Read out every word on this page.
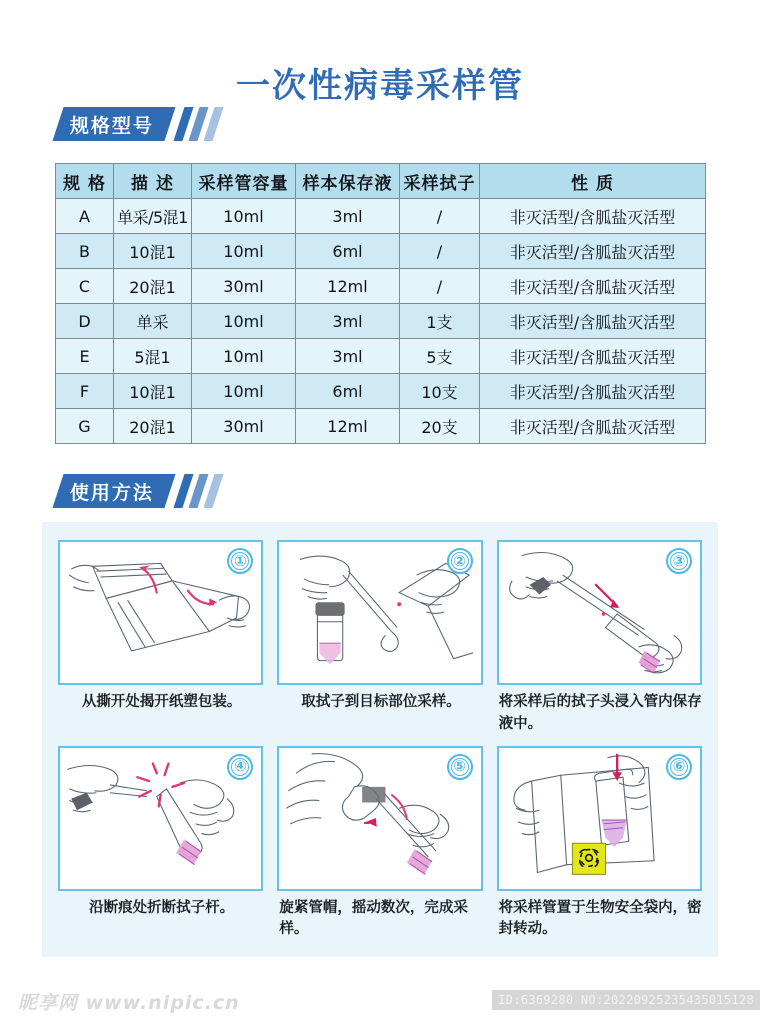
一次性病毒采样管
规格型号
规 格	描 述	采样管容量	样本保存液	采样拭子	性 质
A	单采/5混1	10ml	3ml	/	非灭活型/含胍盐灭活型
B	10混1	10ml	6ml	/	非灭活型/含胍盐灭活型
C	20混1	30ml	12ml	/	非灭活型/含胍盐灭活型
D	单采	10ml	3ml	1支	非灭活型/含胍盐灭活型
E	5混1	10ml	3ml	5支	非灭活型/含胍盐灭活型
F	10混1	10ml	6ml	10支	非灭活型/含胍盐灭活型
G	20混1	30ml	12ml	20支	非灭活型/含胍盐灭活型
使用方法
①
从撕开处揭开纸塑包装。
②
取拭子到目标部位采样。
③
将采样后的拭子头浸入管内保存液中。
④
沿断痕处折断拭子杆。
⑤
旋紧管帽，摇动数次，完成采样。
⑥
将采样管置于生物安全袋内，密封转动。
昵享网 www.nipic.cn	ID:6369280 NO:20220925235435015128
